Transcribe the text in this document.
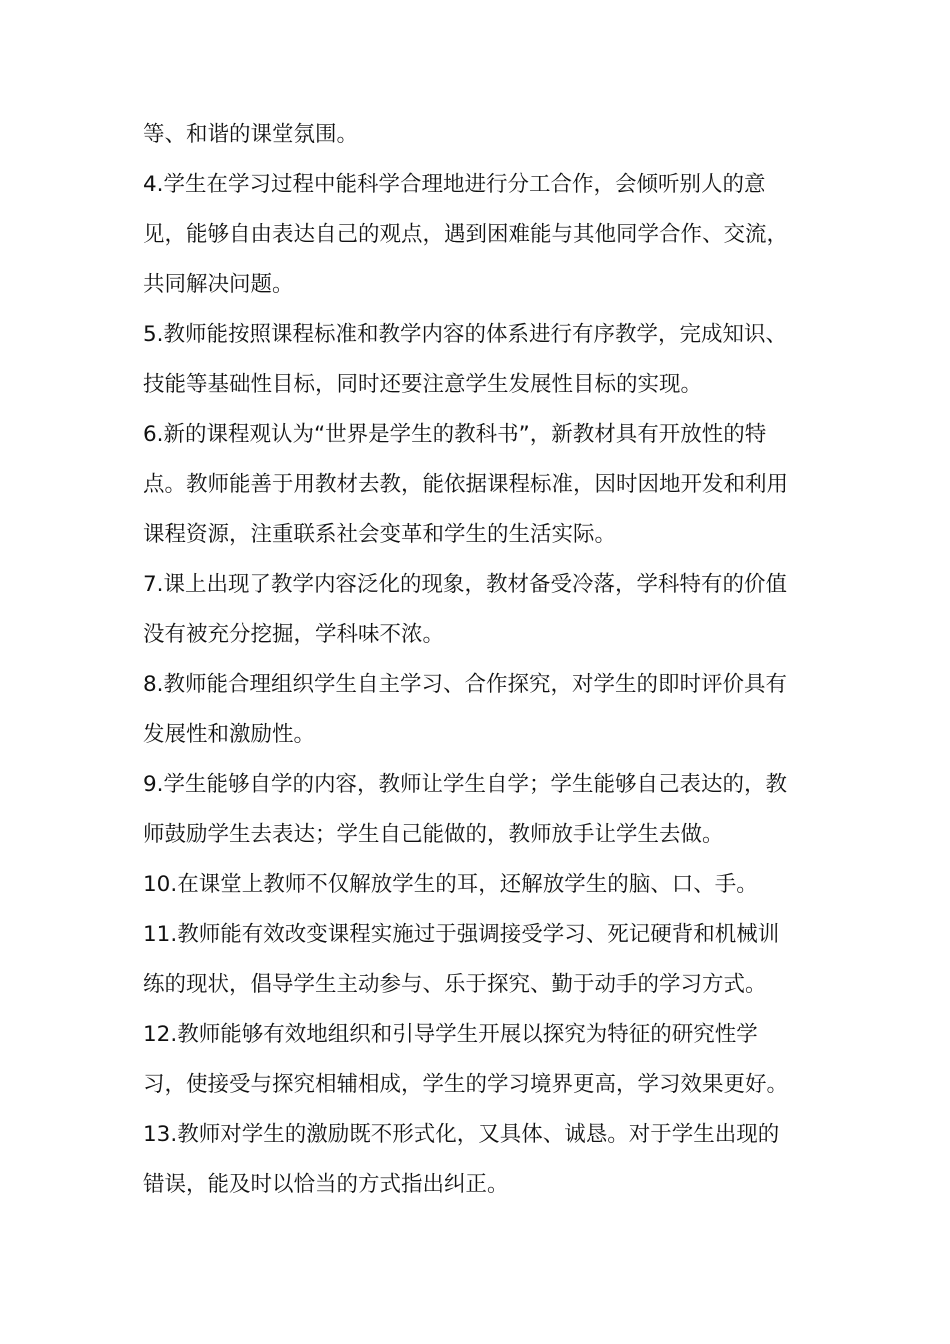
等、和谐的课堂氛围。
4.学生在学习过程中能科学合理地进行分工合作，会倾听别人的意
见，能够自由表达自己的观点，遇到困难能与其他同学合作、交流，
共同解决问题。
5.教师能按照课程标准和教学内容的体系进行有序教学，完成知识、
技能等基础性目标，同时还要注意学生发展性目标的实现。
6.新的课程观认为“世界是学生的教科书”，新教材具有开放性的特
点。教师能善于用教材去教，能依据课程标准，因时因地开发和利用
课程资源，注重联系社会变革和学生的生活实际。
7.课上出现了教学内容泛化的现象，教材备受冷落，学科特有的价值
没有被充分挖掘，学科味不浓。
8.教师能合理组织学生自主学习、合作探究，对学生的即时评价具有
发展性和激励性。
9.学生能够自学的内容，教师让学生自学；学生能够自己表达的，教
师鼓励学生去表达；学生自己能做的，教师放手让学生去做。
10.在课堂上教师不仅解放学生的耳，还解放学生的脑、口、手。
11.教师能有效改变课程实施过于强调接受学习、死记硬背和机械训
练的现状，倡导学生主动参与、乐于探究、勤于动手的学习方式。
12.教师能够有效地组织和引导学生开展以探究为特征的研究性学
习，使接受与探究相辅相成，学生的学习境界更高，学习效果更好。
13.教师对学生的激励既不形式化，又具体、诚恳。对于学生出现的
错误，能及时以恰当的方式指出纠正。
